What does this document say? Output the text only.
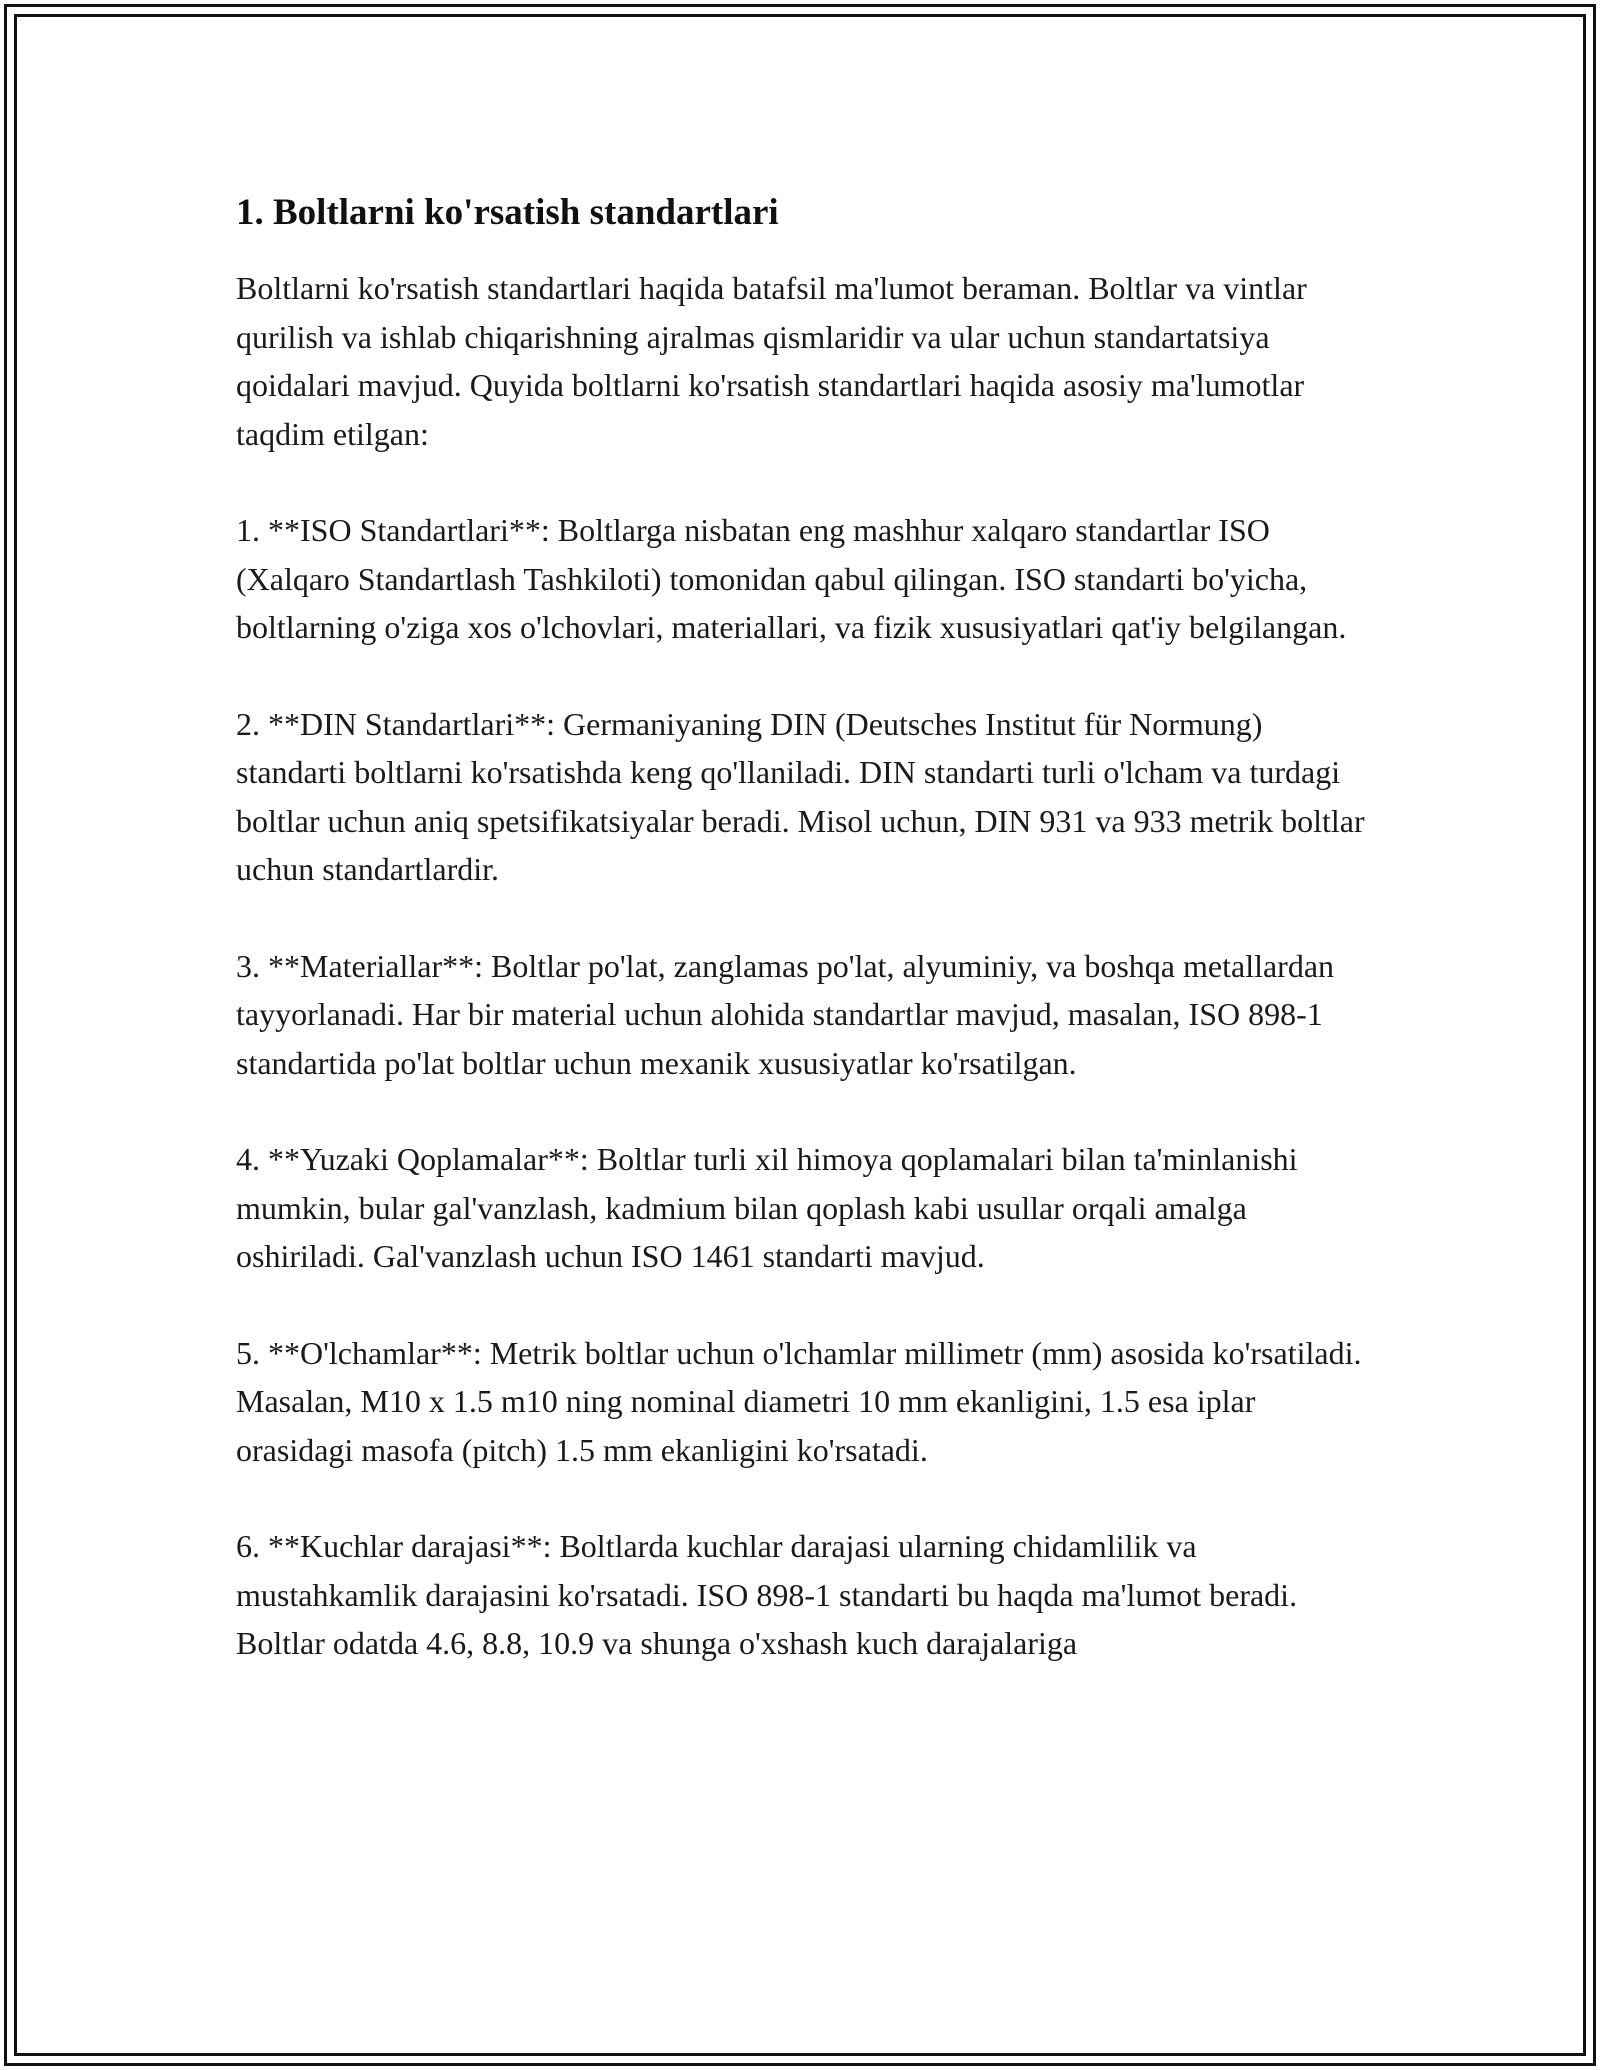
1. Boltlarni ko'rsatish standartlari

Boltlarni ko'rsatish standartlari haqida batafsil ma'lumot beraman. Boltlar va vintlar qurilish va ishlab chiqarishning ajralmas qismlaridir va ular uchun standartatsiya qoidalari mavjud. Quyida boltlarni ko'rsatish standartlari haqida asosiy ma'lumotlar taqdim etilgan:

1. **ISO Standartlari**: Boltlarga nisbatan eng mashhur xalqaro standartlar ISO (Xalqaro Standartlash Tashkiloti) tomonidan qabul qilingan. ISO standarti bo'yicha, boltlarning o'ziga xos o'lchovlari, materiallari, va fizik xususiyatlari qat'iy belgilangan.

2. **DIN Standartlari**: Germaniyaning DIN (Deutsches Institut für Normung) standarti boltlarni ko'rsatishda keng qo'llaniladi. DIN standarti turli o'lcham va turdagi boltlar uchun aniq spetsifikatsiyalar beradi. Misol uchun, DIN 931 va 933 metrik boltlar uchun standartlardir.

3. **Materiallar**: Boltlar po'lat, zanglamas po'lat, alyuminiy, va boshqa metallardan tayyorlanadi. Har bir material uchun alohida standartlar mavjud, masalan, ISO 898-1 standartida po'lat boltlar uchun mexanik xususiyatlar ko'rsatilgan.

4. **Yuzaki Qoplamalar**: Boltlar turli xil himoya qoplamalari bilan ta'minlanishi mumkin, bular gal'vanzlash, kadmium bilan qoplash kabi usullar orqali amalga oshiriladi. Gal'vanzlash uchun ISO 1461 standarti mavjud.

5. **O'lchamlar**: Metrik boltlar uchun o'lchamlar millimetr (mm) asosida ko'rsatiladi. Masalan, M10 x 1.5 m10 ning nominal diametri 10 mm ekanligini, 1.5 esa iplar orasidagi masofa (pitch) 1.5 mm ekanligini ko'rsatadi.

6. **Kuchlar darajasi**: Boltlarda kuchlar darajasi ularning chidamlilik va mustahkamlik darajasini ko'rsatadi. ISO 898-1 standarti bu haqda ma'lumot beradi. Boltlar odatda 4.6, 8.8, 10.9 va shunga o'xshash kuch darajalariga
